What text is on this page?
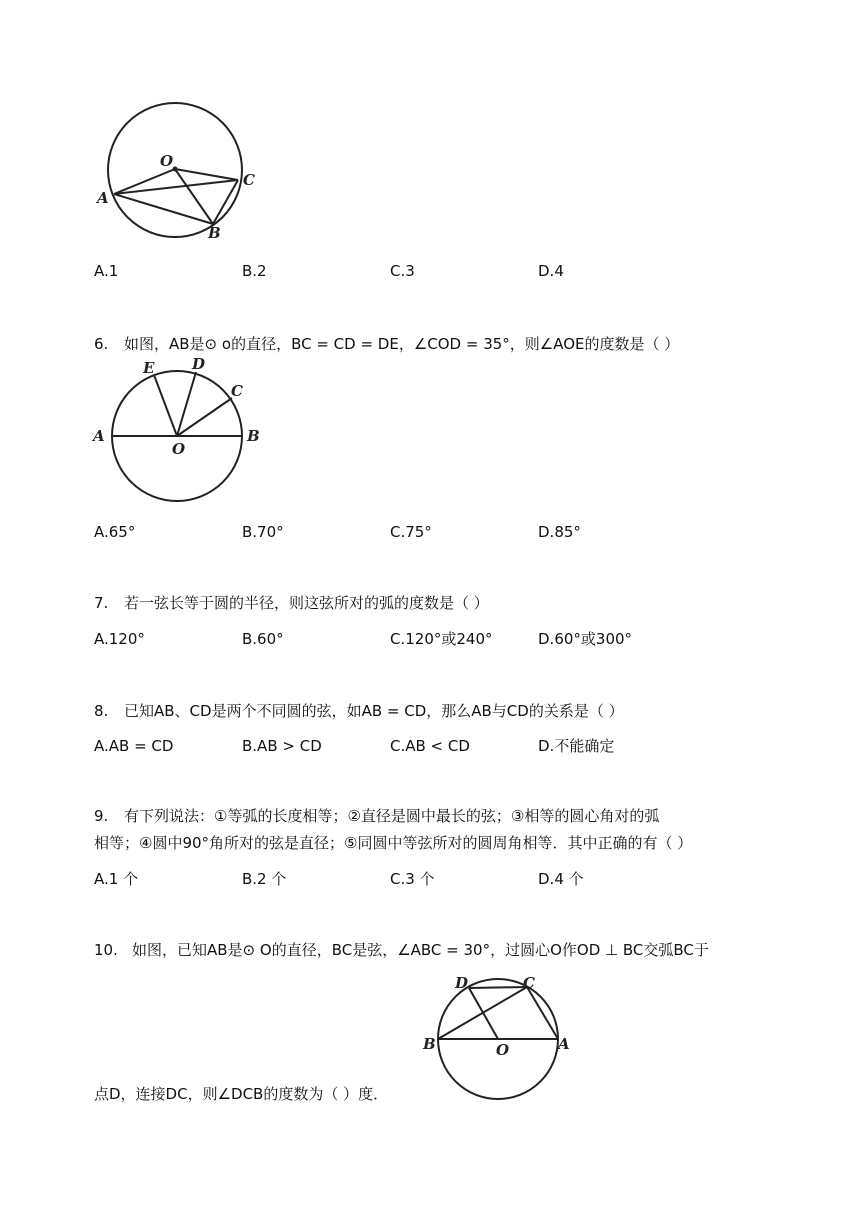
O
A
B
C
A.1	B.2	C.3	D.4
6. 如图，AB是⊙ o的直径，BC = CD = DE，∠COD = 35°，则∠AOE的度数是（ ）
A	B
C
D
E
O
A.65°	B.70°	C.75°	D.85°
7. 若一弦长等于圆的半径，则这弦所对的弧的度数是（ ）
A.120°	B.60°	C.120°或240°	D.60°或300°
8. 已知AB、CD是两个不同圆的弦，如AB = CD，那么AB与CD的关系是（ ）
A.AB = CD	B.AB > CD	C.AB < CD	D.不能确定
9. 有下列说法：①等弧的长度相等；②直径是圆中最长的弦；③相等的圆心角对的弧
相等；④圆中90°角所对的弦是直径；⑤同圆中等弦所对的圆周角相等．其中正确的有（ ）
A.1 个	B.2 个	C.3 个	D.4 个
10. 如图，已知AB是⊙ O的直径，BC是弦，∠ABC = 30°，过圆心O作OD ⊥ BC交弧BC于
点D，连接DC，则∠DCB的度数为（ ）度．
D	C
B	O	A
